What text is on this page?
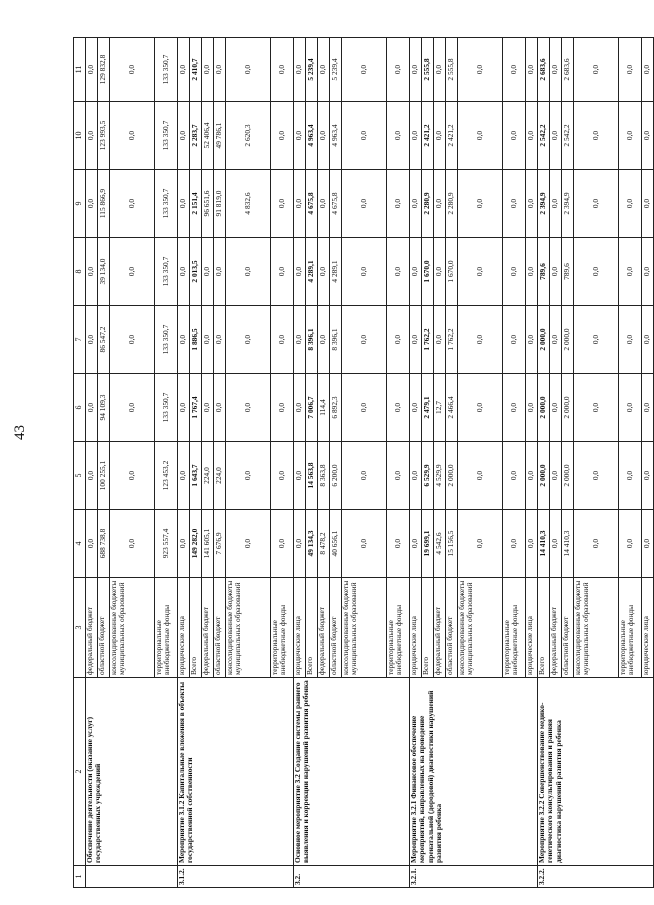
43
1	2	3	4	5	6	7	8	9	10	11
	Обеспечение деятельности (оказание услуг) государственных учреждений	федеральный бюджет	0,0	0,0	0,0	0,0	0,0	0,0	0,0	0,0
		областной бюджет	688 738,8	100 255,1	94 109,3	86 547,2	39 134,0	115 866,9	123 993,5	129 832,8
		консолидированные бюджеты муниципальных образований	0,0	0,0	0,0	0,0	0,0	0,0	0,0	0,0
		территориальные внебюджетные фонды	923 557,4	123 453,2	133 350,7	133 350,7	133 350,7	133 350,7	133 350,7	133 350,7
3.1.2.	Мероприятие 3.1.2 Капитальные вложения в объекты государственной собственности	юридические лица	0,0	0,0	0,0	0,0	0,0	0,0	0,0	0,0
		Всего	149 282,0	1 643,7	1 767,4	1 886,5	2 013,5	2 151,4	2 283,7	2 410,7
		федеральный бюджет	141 605,1	224,0	0,0	0,0	0,0	96 651,6	52 406,4	0,0
		областной бюджет	7 676,9	224,0	0,0	0,0	0,0	91 819,0	49 786,1	0,0
		консолидированные бюджеты муниципальных образований	0,0	0,0	0,0	0,0	0,0	4 832,6	2 620,3	0,0
		территориальные внебюджетные фонды	0,0	0,0	0,0	0,0	0,0	0,0	0,0	0,0
3.2.	Основное мероприятие 3.2 Создание системы раннего выявления и коррекции нарушений развития ребенка	юридические лица	0,0	0,0	0,0	0,0	0,0	0,0	0,0	0,0
		Всего	49 134,3	14 563,8	7 006,7	8 396,1	4 289,1	4 675,8	4 963,4	5 239,4
		федеральный бюджет	8 478,2	8 363,8	114,4	0,0	0,0	0,0	0,0	0,0
		областной бюджет	40 656,1	6 200,0	6 892,3	8 396,1	4 289,1	4 675,8	4 963,4	5 239,4
		консолидированные бюджеты муниципальных образований	0,0	0,0	0,0	0,0	0,0	0,0	0,0	0,0
		территориальные внебюджетные фонды	0,0	0,0	0,0	0,0	0,0	0,0	0,0	0,0
3.2.1.	Мероприятие 3.2.1 Финансовое обеспечение мероприятий, направленных на проведение пренатальной (дородовой) диагностики нарушений развития ребенка	юридические лица	0,0	0,0	0,0	0,0	0,0	0,0	0,0	0,0
		Всего	19 699,1	6 529,9	2 479,1	1 762,2	1 670,0	2 280,9	2 421,2	2 555,8
		федеральный бюджет	4 542,6	4 529,9	12,7	0,0	0,0	0,0	0,0	0,0
		областной бюджет	15 156,5	2 000,0	2 466,4	1 762,2	1 670,0	2 280,9	2 421,2	2 555,8
		консолидированные бюджеты муниципальных образований	0,0	0,0	0,0	0,0	0,0	0,0	0,0	0,0
		территориальные внебюджетные фонды	0,0	0,0	0,0	0,0	0,0	0,0	0,0	0,0
		юридические лица	0,0	0,0	0,0	0,0	0,0	0,0	0,0	0,0
3.2.2.	Мероприятие 3.2.2 Совершенствование медико-генетического консультирования и ранняя диагностика нарушений развития ребенка	Всего	14 410,3	2 000,0	2 000,0	2 000,0	789,6	2 394,9	2 542,2	2 683,6
		федеральный бюджет	0,0	0,0	0,0	0,0	0,0	0,0	0,0	0,0
		областной бюджет	14 410,3	2 000,0	2 000,0	2 000,0	789,6	2 394,9	2 542,2	2 683,6
		консолидированные бюджеты муниципальных образований	0,0	0,0	0,0	0,0	0,0	0,0	0,0	0,0
		территориальные внебюджетные фонды	0,0	0,0	0,0	0,0	0,0	0,0	0,0	0,0
		юридические лица	0,0	0,0	0,0	0,0	0,0	0,0	0,0	0,0
